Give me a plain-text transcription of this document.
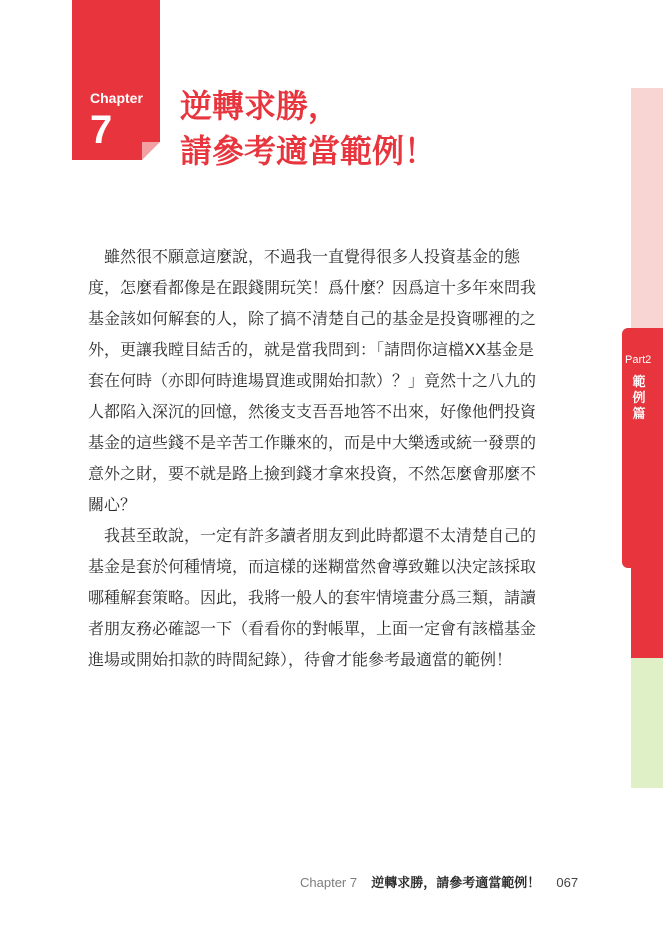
Chapter
7
逆轉求勝，
請參考適當範例！
　雖然很不願意這麼說，不過我一直覺得很多人投資基金的態
度，怎麼看都像是在跟錢開玩笑！爲什麼？因爲這十多年來問我
基金該如何解套的人，除了搞不清楚自己的基金是投資哪裡的之
外，更讓我瞠目結舌的，就是當我問到：「請問你這檔XX基金是
套在何時（亦即何時進場買進或開始扣款）？」竟然十之八九的
人都陷入深沉的回憶，然後支支吾吾地答不出來，好像他們投資
基金的這些錢不是辛苦工作賺來的，而是中大樂透或統一發票的
意外之財，要不就是路上撿到錢才拿來投資，不然怎麼會那麼不
關心？
　我甚至敢說，一定有許多讀者朋友到此時都還不太清楚自己的
基金是套於何種情境，而這樣的迷糊當然會導致難以決定該採取
哪種解套策略。因此，我將一般人的套牢情境畫分爲三類，請讀
者朋友務必確認一下（看看你的對帳單，上面一定會有該檔基金
進場或開始扣款的時間紀錄），待會才能參考最適當的範例！
Part2
範
例
篇
Chapter 7 逆轉求勝，請參考適當範例！ 067
